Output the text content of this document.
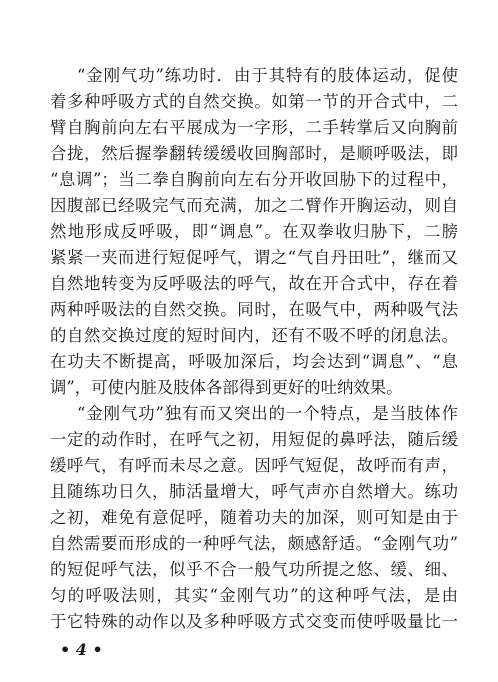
“金刚气功”练功时．由于其特有的肢体运动，促使
着多种呼吸方式的自然交换。如第一节的开合式中，二
臂自胸前向左右平展成为一字形，二手转掌后又向胸前
合拢，然后握拳翻转缓缓收回胸部时，是顺呼吸法，即
“息调”；当二拳自胸前向左右分开收回胁下的过程中，
因腹部已经吸完气而充满，加之二臂作开胸运动，则自
然地形成反呼吸，即“调息”。在双拳收归胁下，二膀
紧紧一夹而进行短促呼气，谓之“气自丹田吐”，继而又
自然地转变为反呼吸法的呼气，故在开合式中，存在着
两种呼吸法的自然交换。同时，在吸气中，两种吸气法
的自然交换过度的短时间内，还有不吸不呼的闭息法。
在功夫不断提高，呼吸加深后，均会达到“调息”、“息
调”，可使内脏及肢体各部得到更好的吐纳效果。
“金刚气功”独有而又突出的一个特点，是当肢体作
一定的动作时，在呼气之初，用短促的鼻呼法，随后缓
缓呼气，有呼而未尽之意。因呼气短促，故呼而有声，
且随练功日久，肺活量增大，呼气声亦自然增大。练功
之初，难免有意促呼，随着功夫的加深，则可知是由于
自然需要而形成的一种呼气法，颇感舒适。“金刚气功”
的短促呼气法，似乎不合一般气功所提之悠、缓、细、
匀的呼吸法则，其实“金刚气功”的这种呼气法，是由
于它特殊的动作以及多种呼吸方式交变而使呼吸量比一
• 4 •
